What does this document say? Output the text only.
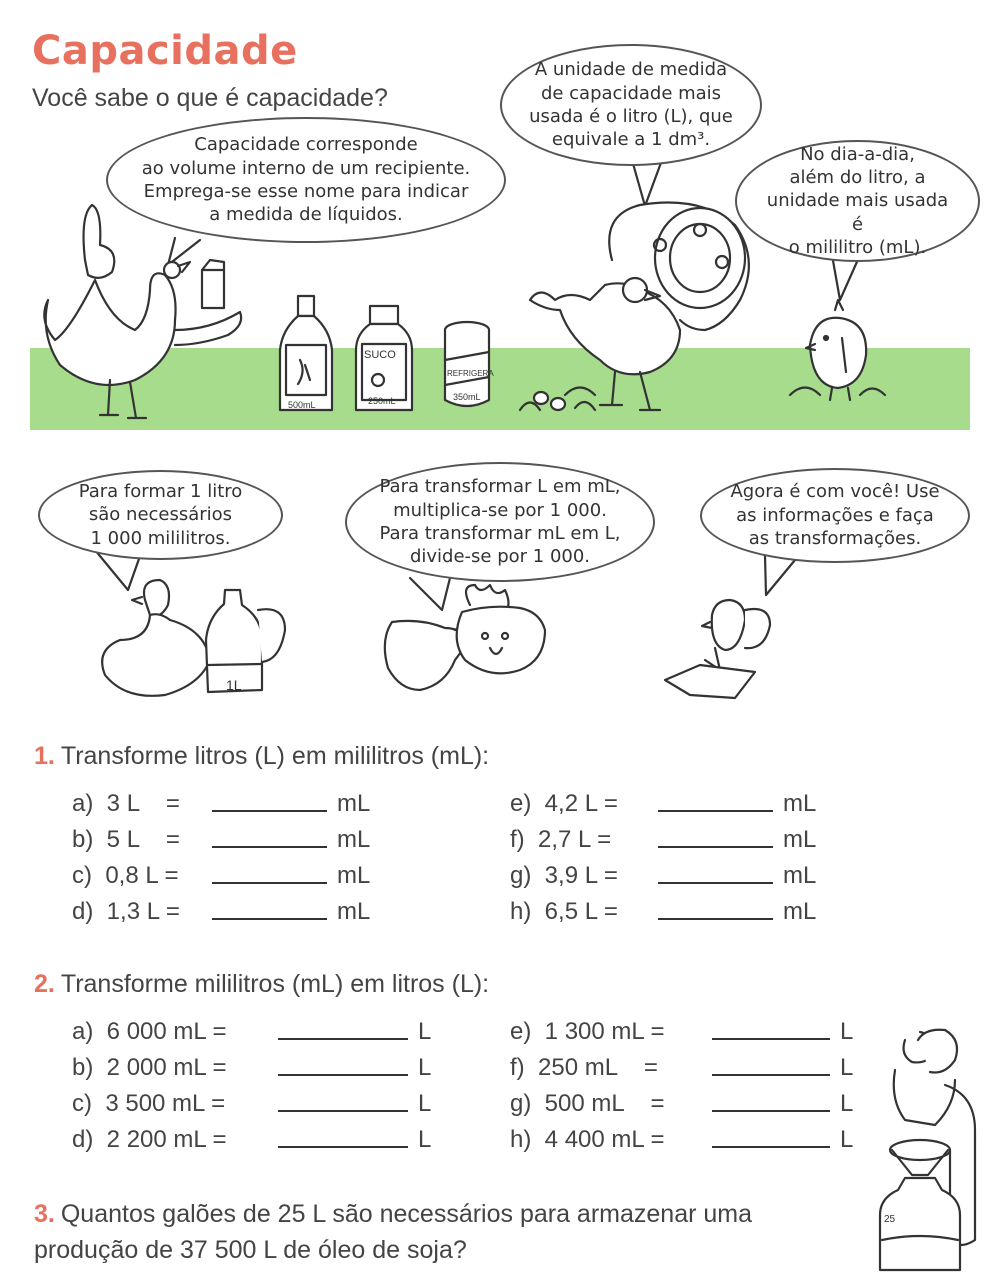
Capacidade
Você sabe o que é capacidade?
500mL
SUCO
250mL
REFRIGERA
350mL
1L
25
Capacidade corresponde
ao volume interno de um recipiente.
Emprega-se esse nome para indicar
a medida de líquidos.
A unidade de medida
de capacidade mais
usada é o litro (L), que
equivale a 1 dm³.
No dia-a-dia,
além do litro, a
unidade mais usada é
o mililitro (mL).
Para formar 1 litro
são necessários
1 000 mililitros.
Para transformar L em mL,
multiplica-se por 1 000.
Para transformar mL em L,
divide-se por 1 000.
Agora é com você! Use
as informações e faça
as transformações.
1. Transforme litros (L) em mililitros (mL):
a)  3 L    =	mL
b)  5 L    =	mL
c)  0,8 L =	mL
d)  1,3 L =	mL
e)  4,2 L =	mL
f)  2,7 L =	mL
g)  3,9 L =	mL
h)  6,5 L =	mL
2. Transforme mililitros (mL) em litros (L):
a)  6 000 mL =	L
b)  2 000 mL =	L
c)  3 500 mL =	L
d)  2 200 mL =	L
e)  1 300 mL =	L
f)  250 mL    =	L
g)  500 mL    =	L
h)  4 400 mL =	L
3. Quantos galões de 25 L são necessários para armazenar uma produção de 37 500 L de óleo de soja?
